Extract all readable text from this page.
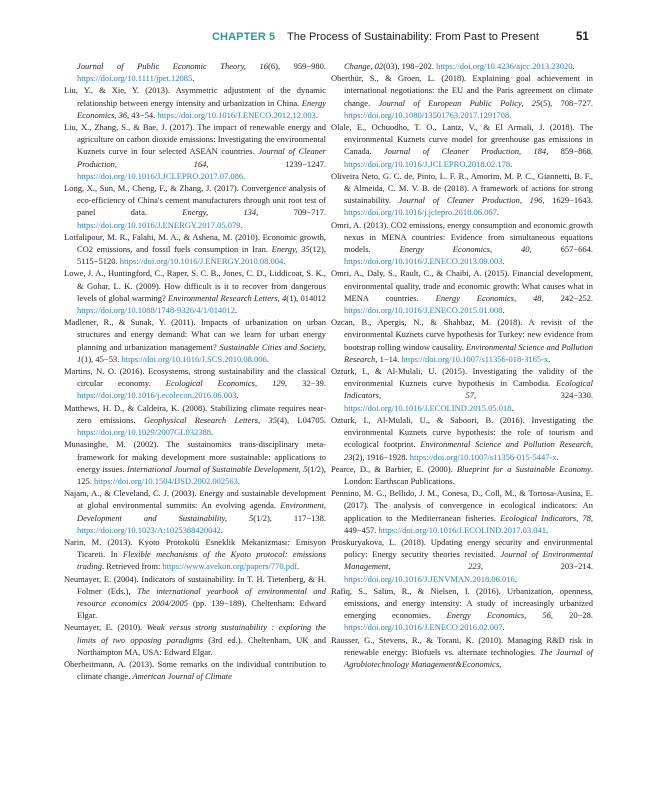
CHAPTER 5 The Process of Sustainability: From Past to Present	51

Journal of Public Economic Theory, 16(6), 959−980. https://doi.org/10.1111/jpet.12085.

Liu, Y., & Xie, Y. (2013). Asymmetric adjustment of the dynamic relationship between energy intensity and urbanization in China. Energy Economics, 36, 43−54. https://doi.org/10.1016/J.ENECO.2012.12.003.

Liu, X., Zhang, S., & Bae, J. (2017). The impact of renewable energy and agriculture on carbon dioxide emissions: Investigating the environmental Kuznets curve in four selected ASEAN countries. Journal of Cleaner Production, 164, 1239−1247. https://doi.org/10.1016/J.JCLEPRO.2017.07.086.

Long, X., Sun, M., Cheng, F., & Zhang, J. (2017). Convergence analysis of eco-efficiency of China's cement manufacturers through unit root test of panel data. Energy, 134, 709−717. https://doi.org/10.1016/J.ENERGY.2017.05.079.

Lotfalipour, M. R., Falahi, M. A., & Ashena, M. (2010). Economic growth, CO2 emissions, and fossil fuels consumption in Iran. Energy, 35(12), 5115−5120. https://doi.org/10.1016/J.ENERGY.2010.08.004.

Lowe, J. A., Huntingford, C., Raper, S. C. B., Jones, C. D., Liddicoat, S. K., & Gohar, L. K. (2009). How difficult is it to recover from dangerous levels of global warming? Environmental Research Letters, 4(1), 014012 https://doi.org/10.1088/1748-9326/4/1/014012.

Madlener, R., & Sunak, Y. (2011). Impacts of urbanization on urban structures and energy demand: What can we learn for urban energy planning and urbanization management? Sustainable Cities and Society, 1(1), 45−53. https://doi.org/10.1016/J.SCS.2010.08.006.

Martins, N. O. (2016). Ecosystems, strong sustainability and the classical circular economy. Ecological Economics, 129, 32−39. https://doi.org/10.1016/j.ecolecon.2016.06.003.

Matthews, H. D., & Caldeira, K. (2008). Stabilizing climate requires near-zero emissions. Geophysical Research Letters, 35(4), L04705. https://doi.org/10.1029/2007GL032388.

Munasinghe, M. (2002). The sustainomics trans-disciplinary meta-framework for making development more sustainable: applications to energy issues. International Journal of Sustainable Development, 5(1/2), 125. https://doi.org/10.1504/IJSD.2002.002563.

Najam, A., & Cleveland, C. J. (2003). Energy and sustainable development at global environmental summits: An evolving agenda. Environment, Development and Sustainability, 5(1/2), 117−138. https://doi.org/10.1023/A:1025388420042.

Narin, M. (2013). Kyoto Protokolü Esneklik Mekanizması: Emisyon Ticareti. In Flexible mechanisms of the Kyoto protocol: emissions trading. Retrieved from: https://www.avekon.org/papers/770.pdf.

Neumayer, E. (2004). Indicators of sustainability. In T. H. Tietenberg, & H. Folmer (Eds.), The international yearbook of environmental and resource economics 2004/2005 (pp. 139−189). Cheltenham: Edward Elgar.

Neumayer, E. (2010). Weak versus strong sustainability : exploring the limits of two opposing paradigms (3rd ed.). Cheltenham, UK and Northampton MA, USA: Edward Elgar.

Oberheitmann, A. (2013). Some remarks on the individual contribution to climate change. American Journal of Climate

Change, 02(03), 198−202. https://doi.org/10.4236/ajcc.2013.23020.

Oberthür, S., & Groen, L. (2018). Explaining goal achievement in international negotiations: the EU and the Paris agreement on climate change. Journal of European Public Policy, 25(5), 708−727. https://doi.org/10.1080/13501763.2017.1291708.

Olale, E., Ochuodho, T. O., Lantz, V., & El Armali, J. (2018). The environmental Kuznets curve model for greenhouse gas emissions in Canada. Journal of Cleaner Production, 184, 859−868. https://doi.org/10.1016/J.JCLEPRO.2018.02.178.

Oliveira Neto, G. C. de, Pinto, L. F. R., Amorim, M. P. C., Giannetti, B. F., & Almeida, C. M. V. B. de (2018). A framework of actions for strong sustainability. Journal of Cleaner Production, 196, 1629−1643. https://doi.org/10.1016/j.jclepro.2018.06.067.

Omri, A. (2013). CO2 emissions, energy consumption and economic growth nexus in MENA countries: Evidence from simultaneous equations models. Energy Economics, 40, 657−664. https://doi.org/10.1016/J.ENECO.2013.09.003.

Omri, A., Daly, S., Rault, C., & Chaibi, A. (2015). Financial development, environmental quality, trade and economic growth: What causes what in MENA countries. Energy Economics, 48, 242−252. https://doi.org/10.1016/J.ENECO.2015.01.008.

Ozcan, B., Apergis, N., & Shahbaz, M. (2018). A revisit of the environmental Kuznets curve hypothesis for Turkey: new evidence from bootstrap rolling window causality. Environmental Science and Pollution Research, 1−14. https://doi.org/10.1007/s11356-018-3165-x.

Ozturk, I., & Al-Mulali, U. (2015). Investigating the validity of the environmental Kuznets curve hypothesis in Cambodia. Ecological Indicators, 57, 324−330. https://doi.org/10.1016/J.ECOLIND.2015.05.018.

Ozturk, I., Al-Mulali, U., & Saboori, B. (2016). Investigating the environmental Kuznets curve hypothesis: the role of tourism and ecological footprint. Environmental Science and Pollution Research, 23(2), 1916−1928. https://doi.org/10.1007/s11356-015-5447-x.

Pearce, D., & Barbier, E. (2000). Blueprint for a Sustainable Economy. London: Earthscan Publications.

Pennino, M. G., Bellido, J. M., Conesa, D., Coll, M., & Tortosa-Ausina, E. (2017). The analysis of convergence in ecological indicators: An application to the Mediterranean fisheries. Ecological Indicators, 78, 449−457. https://doi.org/10.1016/J.ECOLIND.2017.03.041.

Proskuryakova, L. (2018). Updating energy security and environmental policy: Energy security theories revisited. Journal of Environmental Management, 223, 203−214. https://doi.org/10.1016/J.JENVMAN.2018.06.016.

Rafiq, S., Salim, R., & Nielsen, I. (2016). Urbanization, openness, emissions, and energy intensity: A study of increasingly urbanized emerging economies. Energy Economics, 56, 20−28. https://doi.org/10.1016/J.ENECO.2016.02.007.

Rausser, G., Stevens, R., & Torani, K. (2010). Managing R&D risk in renewable energy: Biofuels vs. alternate technologies. The Journal of Agrobiotechnology Management&Economics,
